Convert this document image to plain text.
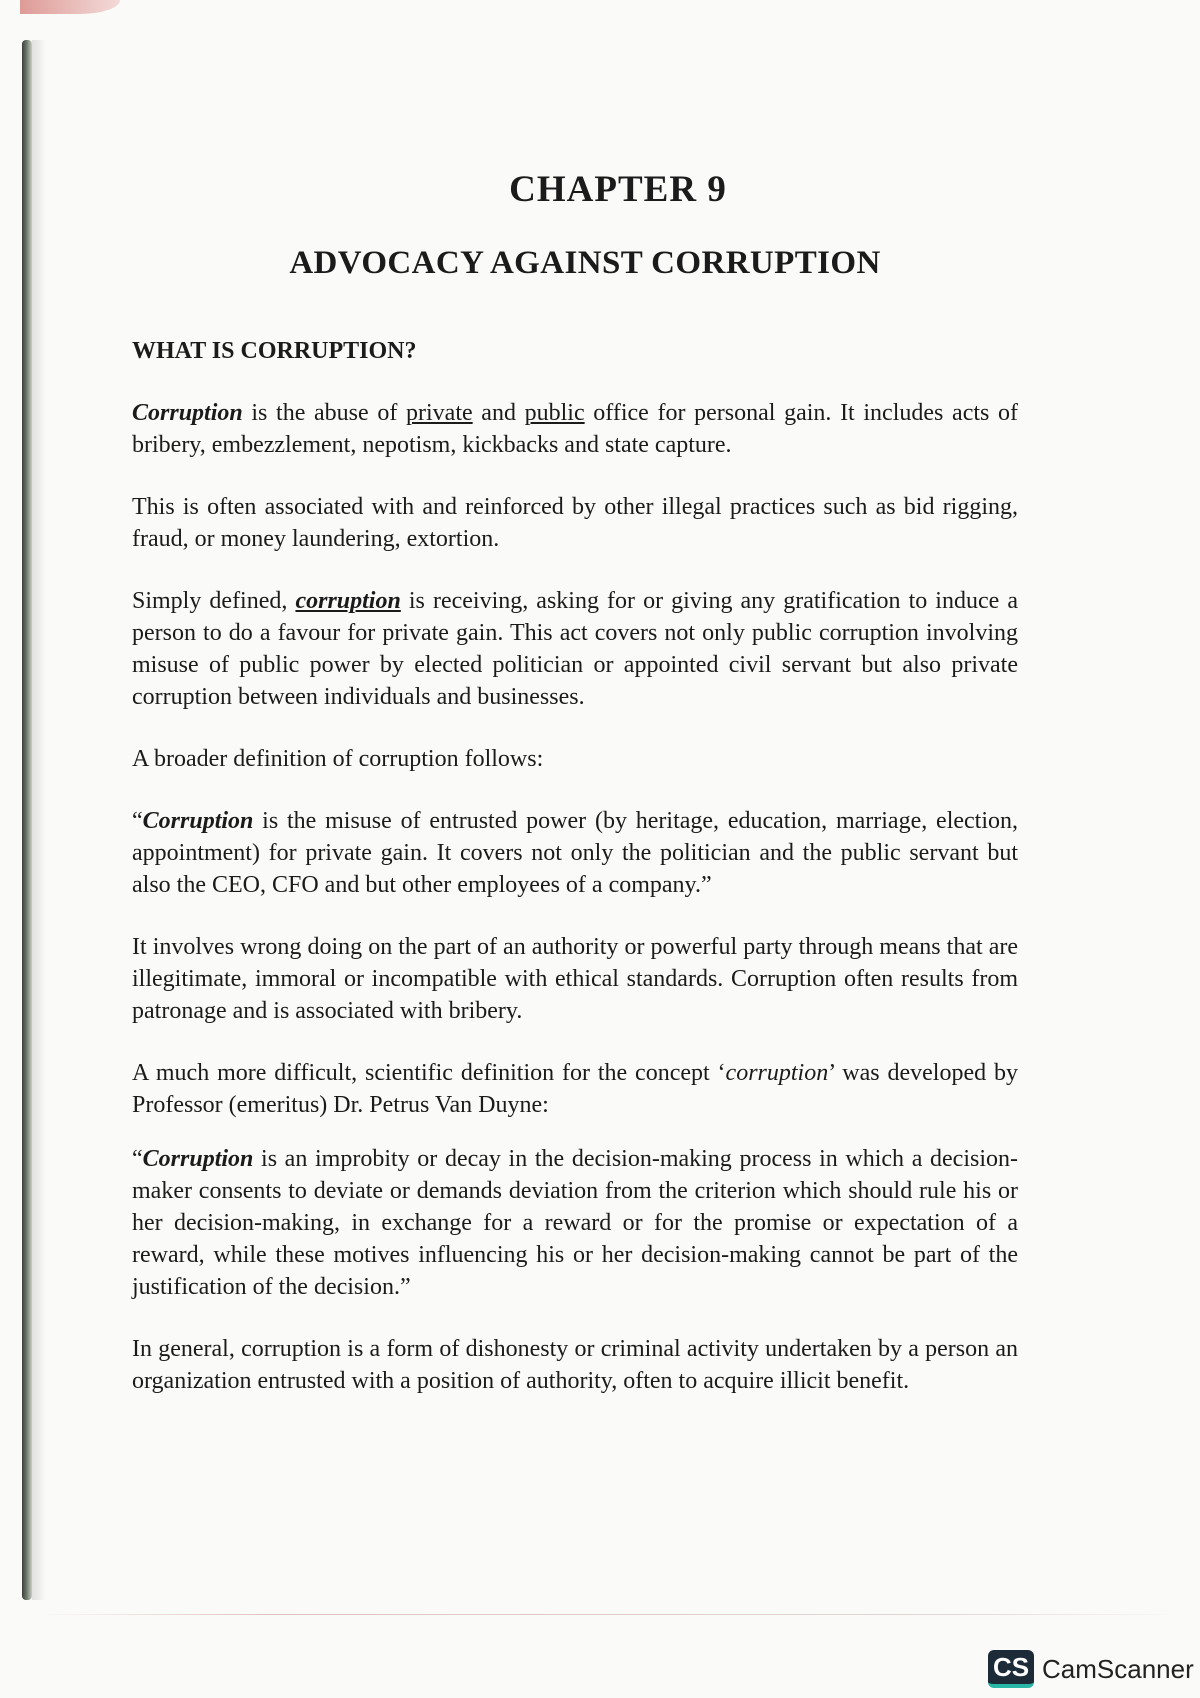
CHAPTER 9
ADVOCACY AGAINST CORRUPTION
WHAT IS CORRUPTION?

Corruption is the abuse of private and public office for personal gain. It includes acts of bribery, embezzlement, nepotism, kickbacks and state capture.

This is often associated with and reinforced by other illegal practices such as bid rigging, fraud, or money laundering, extortion.

Simply defined, corruption is receiving, asking for or giving any gratification to induce a person to do a favour for private gain. This act covers not only public corruption involving misuse of public power by elected politician or appointed civil servant but also private corruption between individuals and businesses.

A broader definition of corruption follows:

“Corruption is the misuse of entrusted power (by heritage, education, marriage, election, appointment) for private gain. It covers not only the politician and the public servant but also the CEO, CFO and but other employees of a company.”

It involves wrong doing on the part of an authority or powerful party through means that are illegitimate, immoral or incompatible with ethical standards. Corruption often results from patronage and is associated with bribery.

A much more difficult, scientific definition for the concept ‘corruption’ was developed by Professor (emeritus) Dr. Petrus Van Duyne:

“Corruption is an improbity or decay in the decision-making process in which a decision-maker consents to deviate or demands deviation from the criterion which should rule his or her decision-making, in exchange for a reward or for the promise or expectation of a reward, while these motives influencing his or her decision-making cannot be part of the justification of the decision.”

In general, corruption is a form of dishonesty or criminal activity undertaken by a person an organization entrusted with a position of authority, often to acquire illicit benefit.

CS CamScanner
